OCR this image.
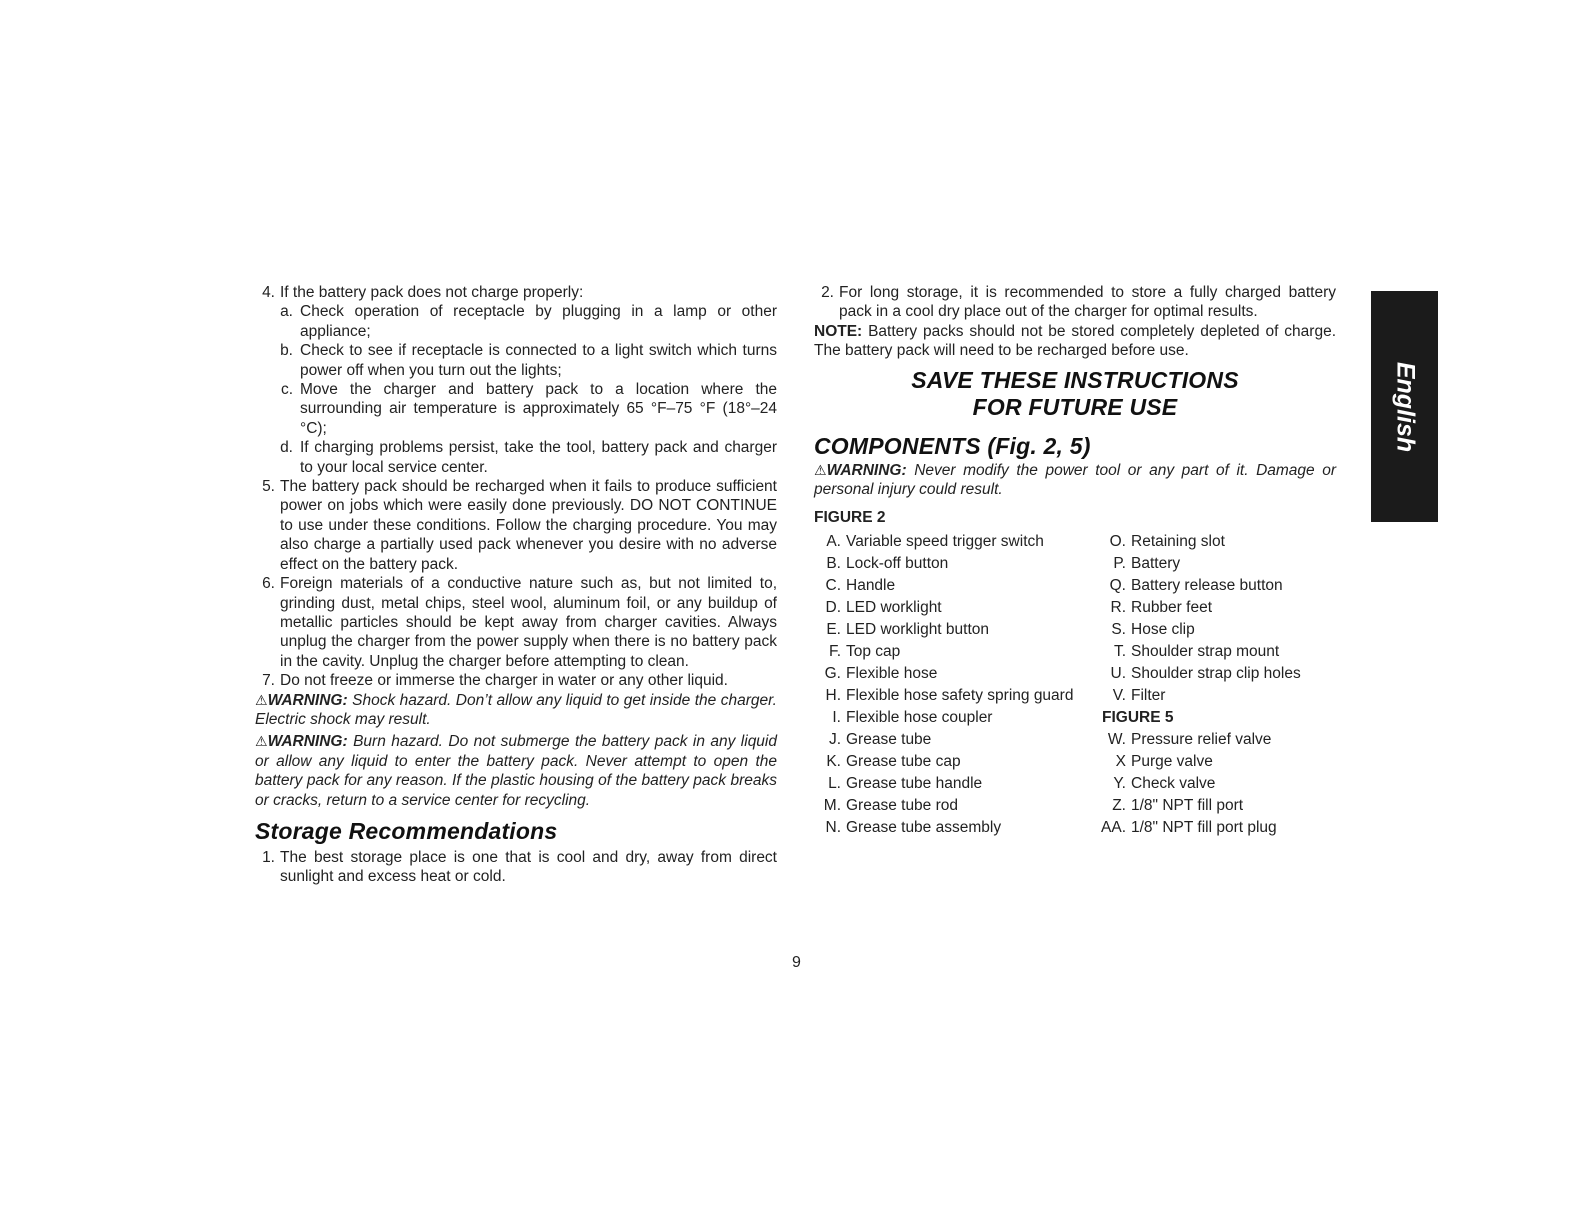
4. If the battery pack does not charge properly:
a. Check operation of receptacle by plugging in a lamp or other appliance;
b. Check to see if receptacle is connected to a light switch which turns power off when you turn out the lights;
c. Move the charger and battery pack to a location where the surrounding air temperature is approximately 65 °F–75 °F (18°–24 °C);
d. If charging problems persist, take the tool, battery pack and charger to your local service center.
5. The battery pack should be recharged when it fails to produce sufficient power on jobs which were easily done previously. DO NOT CONTINUE to use under these conditions. Follow the charging procedure. You may also charge a partially used pack whenever you desire with no adverse effect on the battery pack.
6. Foreign materials of a conductive nature such as, but not limited to, grinding dust, metal chips, steel wool, aluminum foil, or any buildup of metallic particles should be kept away from charger cavities. Always unplug the charger from the power supply when there is no battery pack in the cavity. Unplug the charger before attempting to clean.
7. Do not freeze or immerse the charger in water or any other liquid.

⚠WARNING: Shock hazard. Don’t allow any liquid to get inside the charger. Electric shock may result.

⚠WARNING: Burn hazard. Do not submerge the battery pack in any liquid or allow any liquid to enter the battery pack. Never attempt to open the battery pack for any reason. If the plastic housing of the battery pack breaks or cracks, return to a service center for recycling.

Storage Recommendations
1. The best storage place is one that is cool and dry, away from direct sunlight and excess heat or cold.
2. For long storage, it is recommended to store a fully charged battery pack in a cool dry place out of the charger for optimal results.

NOTE: Battery packs should not be stored completely depleted of charge. The battery pack will need to be recharged before use.

SAVE THESE INSTRUCTIONS
FOR FUTURE USE
COMPONENTS (Fig. 2, 5)

⚠WARNING: Never modify the power tool or any part of it. Damage or personal injury could result.

FIGURE 2
A. Variable speed trigger switch
B. Lock-off button
C. Handle
D. LED worklight
E. LED worklight button
F. Top cap
G. Flexible hose
H. Flexible hose safety spring guard
I. Flexible hose coupler
J. Grease tube
K. Grease tube cap
L. Grease tube handle
M. Grease tube rod
N. Grease tube assembly
O. Retaining slot
P. Battery
Q. Battery release button
R. Rubber feet
S. Hose clip
T. Shoulder strap mount
U. Shoulder strap clip holes
V. Filter
FIGURE 5
W. Pressure relief valve
X Purge valve
Y. Check valve
Z. 1/8" NPT fill port
AA. 1/8" NPT fill port plug
English
9
